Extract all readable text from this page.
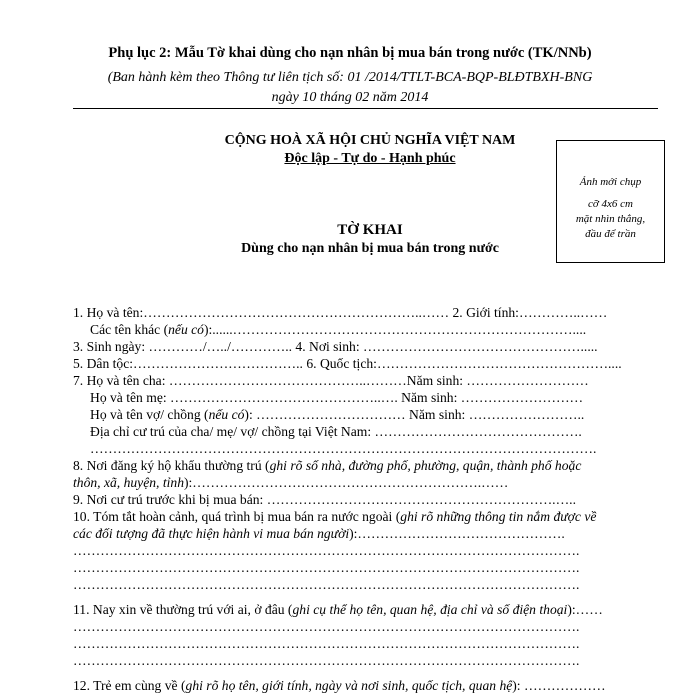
Phụ lục 2: Mẫu Tờ khai dùng cho nạn nhân bị mua bán trong nước (TK/NNb)
(Ban hành kèm theo Thông tư liên tịch số: 01 /2014/TTLT-BCA-BQP-BLĐTBXH-BNG
ngày 10 tháng 02 năm 2014
CỘNG HOÀ XÃ HỘI CHỦ NGHĨA VIỆT NAM
Độc lập - Tự do - Hạnh phúc
Ảnh mới chụp
cỡ 4x6 cm
mặt nhìn thẳng,
đầu để trần
TỜ KHAI
Dùng cho nạn nhân bị mua bán trong nước
1. Họ và tên:……………………………………………………..…… 2. Giới tính:…………..……
Các tên khác (nếu có):......…………………………………………………………………....
3. Sinh ngày: …………/…../………….. 4. Nơi sinh: ………………………………………….....
5. Dân tộc:……………………………….. 6. Quốc tịch:……………………………………………....
7. Họ và tên cha: ……………………………………..………Năm sinh: ………………………
Họ và tên mẹ: ………………………………………..…. Năm sinh: ………………………
Họ và tên vợ/ chồng (nếu có): …………………………… Năm sinh: ……………………..
Địa chỉ cư trú của cha/ mẹ/ vợ/ chồng tại Việt Nam: ……………………………………….
………………………………………………………………………………………………….
8. Nơi đăng ký hộ khẩu thường trú (ghi rõ số nhà, đường phố, phường, quận, thành phố hoặc
thôn, xã, huyện, tỉnh):……………………………………………………….……
9. Nơi cư trú trước khi bị mua bán: ……………………………………………………….…..
10. Tóm tắt hoàn cảnh, quá trình bị mua bán ra nước ngoài (ghi rõ những thông tin nắm được về
các đối tượng đã thực hiện hành vi mua bán người):……………………………………….
………………………………………………………………………………………………….
………………………………………………………………………………………………….
………………………………………………………………………………………………….
11. Nay xin về thường trú với ai, ở đâu (ghi cụ thể họ tên, quan hệ, địa chỉ và số điện thoại):……
………………………………………………………………………………………………….
………………………………………………………………………………………………….
………………………………………………………………………………………………….
12. Trẻ em cùng về (ghi rõ họ tên, giới tính, ngày và nơi sinh, quốc tịch, quan hệ): ………………
